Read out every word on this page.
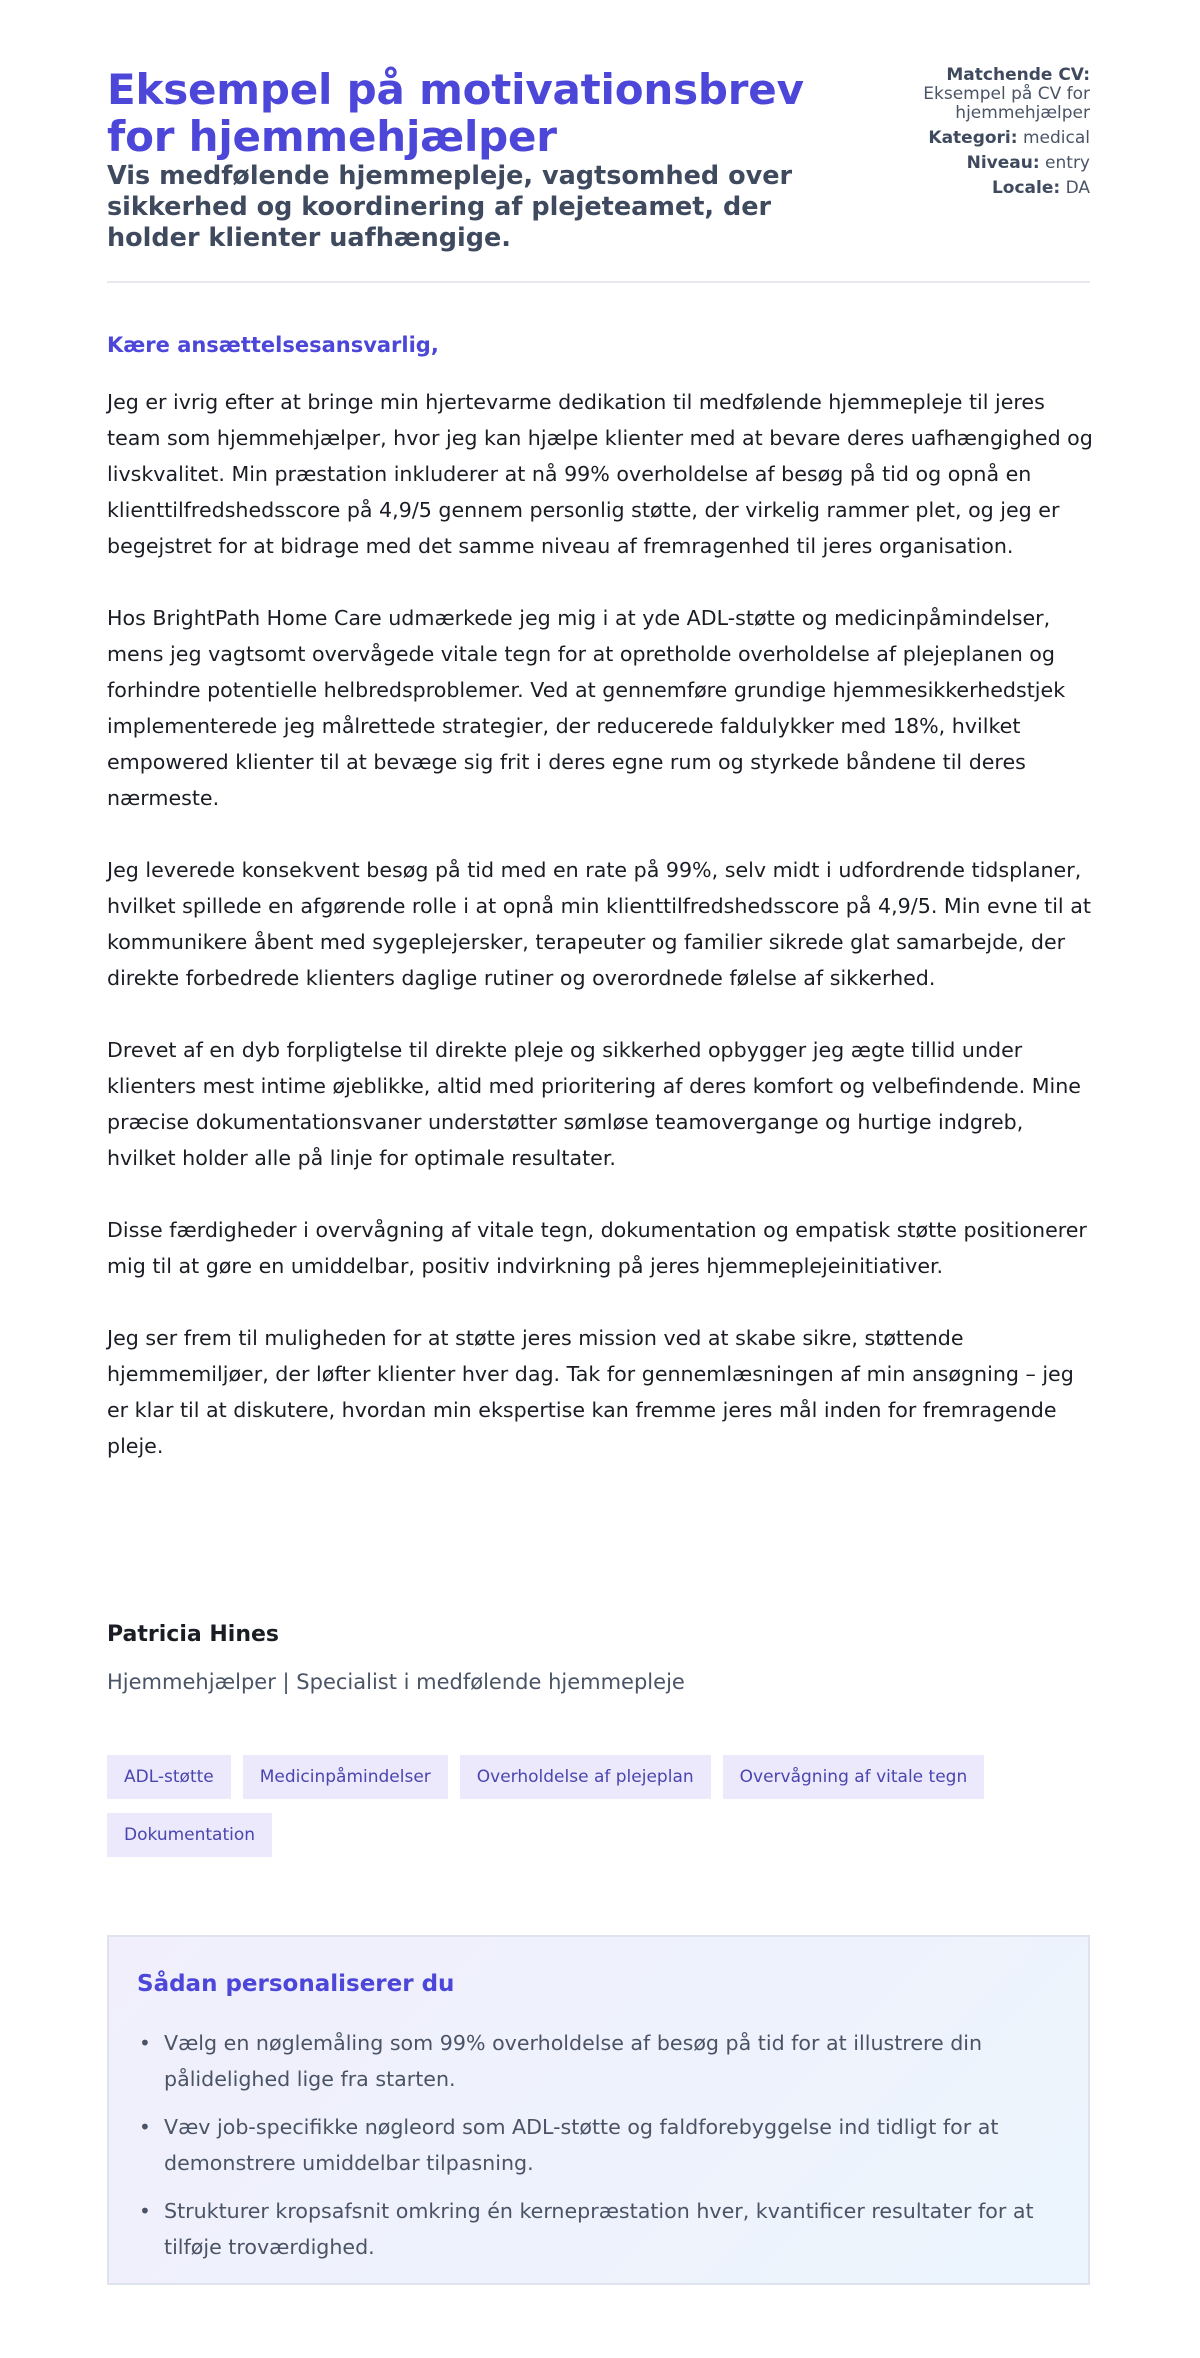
Eksempel på motivationsbrev for hjemmehjælper
Vis medfølende hjemmepleje, vagtsomhed over sikkerhed og koordinering af plejeteamet, der holder klienter uafhængige.
Matchende CV:
Eksempel på CV for hjemmehjælper
Kategori: medical
Niveau: entry
Locale: DA
Kære ansættelsesansvarlig,

Jeg er ivrig efter at bringe min hjertevarme dedikation til medfølende hjemmepleje til jeres team som hjemmehjælper, hvor jeg kan hjælpe klienter med at bevare deres uafhængighed og livskvalitet. Min præstation inkluderer at nå 99% overholdelse af besøg på tid og opnå en klienttilfredshedsscore på 4,9/5 gennem personlig støtte, der virkelig rammer plet, og jeg er begejstret for at bidrage med det samme niveau af fremragenhed til jeres organisation.

Hos BrightPath Home Care udmærkede jeg mig i at yde ADL-støtte og medicinpåmindelser, mens jeg vagtsomt overvågede vitale tegn for at opretholde overholdelse af plejeplanen og forhindre potentielle helbredsproblemer. Ved at gennemføre grundige hjemmesikkerhedstjek implementerede jeg målrettede strategier, der reducerede faldulykker med 18%, hvilket empowered klienter til at bevæge sig frit i deres egne rum og styrkede båndene til deres nærmeste.

Jeg leverede konsekvent besøg på tid med en rate på 99%, selv midt i udfordrende tidsplaner, hvilket spillede en afgørende rolle i at opnå min klienttilfredshedsscore på 4,9/5. Min evne til at kommunikere åbent med sygeplejersker, terapeuter og familier sikrede glat samarbejde, der direkte forbedrede klienters daglige rutiner og overordnede følelse af sikkerhed.

Drevet af en dyb forpligtelse til direkte pleje og sikkerhed opbygger jeg ægte tillid under klienters mest intime øjeblikke, altid med prioritering af deres komfort og velbefindende. Mine præcise dokumentationsvaner understøtter sømløse teamovergange og hurtige indgreb, hvilket holder alle på linje for optimale resultater.

Disse færdigheder i overvågning af vitale tegn, dokumentation og empatisk støtte positionerer mig til at gøre en umiddelbar, positiv indvirkning på jeres hjemmeplejeinitiativer.

Jeg ser frem til muligheden for at støtte jeres mission ved at skabe sikre, støttende hjemmemiljøer, der løfter klienter hver dag. Tak for gennemlæsningen af min ansøgning – jeg er klar til at diskutere, hvordan min ekspertise kan fremme jeres mål inden for fremragende pleje.

Patricia Hines
Hjemmehjælper | Specialist i medfølende hjemmepleje
ADL-støtte	Medicinpåmindelser	Overholdelse af plejeplan	Overvågning af vitale tegn
Dokumentation
Sådan personaliserer du
• Vælg en nøglemåling som 99% overholdelse af besøg på tid for at illustrere din pålidelighed lige fra starten.
• Væv job-specifikke nøgleord som ADL-støtte og faldforebyggelse ind tidligt for at demonstrere umiddelbar tilpasning.
• Strukturer kropsafsnit omkring én kernepræstation hver, kvantificer resultater for at tilføje troværdighed.
